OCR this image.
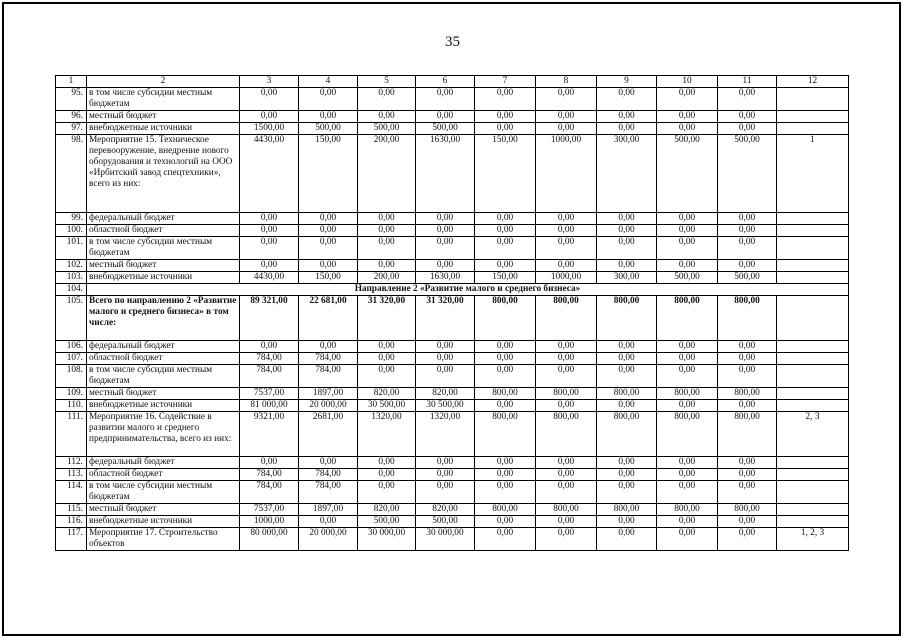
35
1	2	3	4	5	6	7	8	9	10	11	12
95.	в том числе субсидии местным бюджетам	0,00	0,00	0,00	0,00	0,00	0,00	0,00	0,00	0,00	
96.	местный бюджет	0,00	0,00	0,00	0,00	0,00	0,00	0,00	0,00	0,00	
97.	внебюджетные источники	1500,00	500,00	500,00	500,00	0,00	0,00	0,00	0,00	0,00	
98.	Мероприятие 15. Техническое перевооружение, внедрение нового оборудования и технологий на ООО «Ирбитский завод спецтехники», всего из них:	4430,00	150,00	200,00	1630,00	150,00	1000,00	300,00	500,00	500,00	1
99.	федеральный бюджет	0,00	0,00	0,00	0,00	0,00	0,00	0,00	0,00	0,00	
100.	областной бюджет	0,00	0,00	0,00	0,00	0,00	0,00	0,00	0,00	0,00	
101.	в том числе субсидии местным бюджетам	0,00	0,00	0,00	0,00	0,00	0,00	0,00	0,00	0,00	
102.	местный бюджет	0,00	0,00	0,00	0,00	0,00	0,00	0,00	0,00	0,00	
103.	внебюджетные источники	4430,00	150,00	200,00	1630,00	150,00	1000,00	300,00	500,00	500,00	
104.	Направление 2 «Развитие малого и среднего бизнеса»										
105.	Всего по направлению 2 «Развитие малого и среднего бизнеса» в том числе:	89 321,00	22 681,00	31 320,00	31 320,00	800,00	800,00	800,00	800,00	800,00	
106.	федеральный бюджет	0,00	0,00	0,00	0,00	0,00	0,00	0,00	0,00	0,00	
107.	областной бюджет	784,00	784,00	0,00	0,00	0,00	0,00	0,00	0,00	0,00	
108.	в том числе субсидии местным бюджетам	784,00	784,00	0,00	0,00	0,00	0,00	0,00	0,00	0,00	
109.	местный бюджет	7537,00	1897,00	820,00	820,00	800,00	800,00	800,00	800,00	800,00	
110.	внебюджетные источники	81 000,00	20 000,00	30 500,00	30 500,00	0,00	0,00	0,00	0,00	0,00	
111.	Мероприятие 16. Содействие в развитии малого и среднего предпринимательства, всего из них:	9321,00	2681,00	1320,00	1320,00	800,00	800,00	800,00	800,00	800,00	2, 3
112.	федеральный бюджет	0,00	0,00	0,00	0,00	0,00	0,00	0,00	0,00	0,00	
113.	областной бюджет	784,00	784,00	0,00	0,00	0,00	0,00	0,00	0,00	0,00	
114.	в том числе субсидии местным бюджетам	784,00	784,00	0,00	0,00	0,00	0,00	0,00	0,00	0,00	
115.	местный бюджет	7537,00	1897,00	820,00	820,00	800,00	800,00	800,00	800,00	800,00	
116.	внебюджетные источники	1000,00	0,00	500,00	500,00	0,00	0,00	0,00	0,00	0,00	
117.	Мероприятие 17. Строительство объектов	80 000,00	20 000,00	30 000,00	30 000,00	0,00	0,00	0,00	0,00	0,00	1, 2, 3
